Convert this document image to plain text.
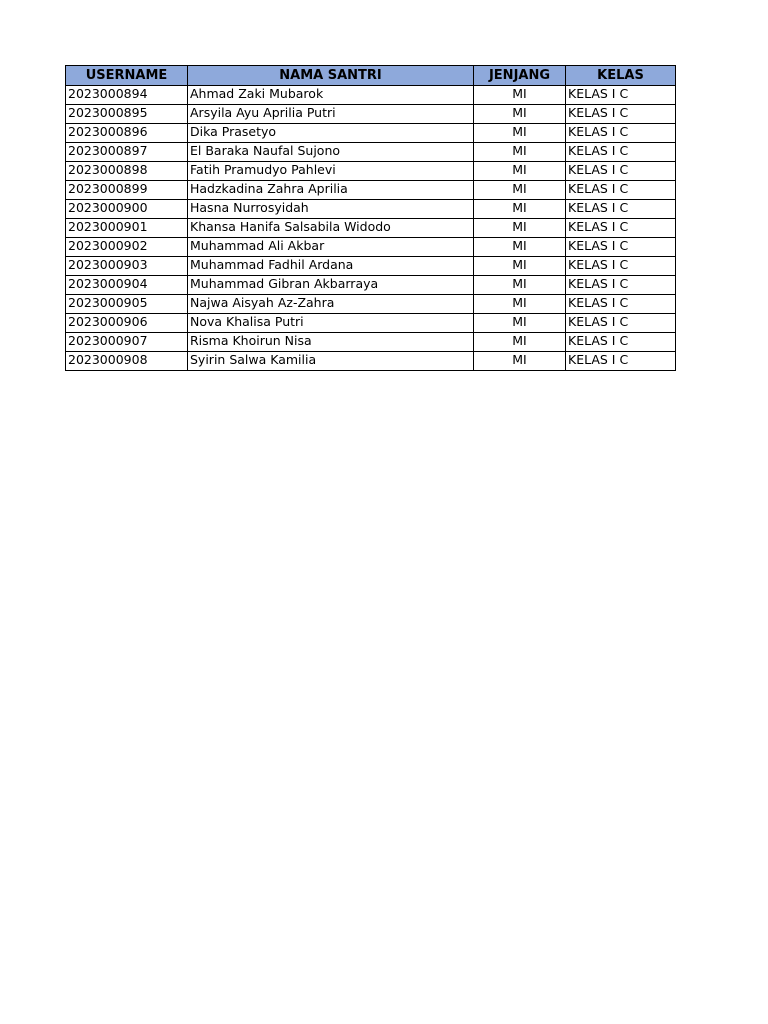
USERNAME	NAMA SANTRI	JENJANG	KELAS
2023000894	Ahmad Zaki Mubarok	MI	KELAS I C
2023000895	Arsyila Ayu Aprilia Putri	MI	KELAS I C
2023000896	Dika Prasetyo	MI	KELAS I C
2023000897	El Baraka Naufal Sujono	MI	KELAS I C
2023000898	Fatih Pramudyo Pahlevi	MI	KELAS I C
2023000899	Hadzkadina Zahra Aprilia	MI	KELAS I C
2023000900	Hasna Nurrosyidah	MI	KELAS I C
2023000901	Khansa Hanifa Salsabila Widodo	MI	KELAS I C
2023000902	Muhammad Ali Akbar	MI	KELAS I C
2023000903	Muhammad Fadhil Ardana	MI	KELAS I C
2023000904	Muhammad Gibran Akbarraya	MI	KELAS I C
2023000905	Najwa Aisyah Az-Zahra	MI	KELAS I C
2023000906	Nova Khalisa Putri	MI	KELAS I C
2023000907	Risma Khoirun Nisa	MI	KELAS I C
2023000908	Syirin Salwa Kamilia	MI	KELAS I C
